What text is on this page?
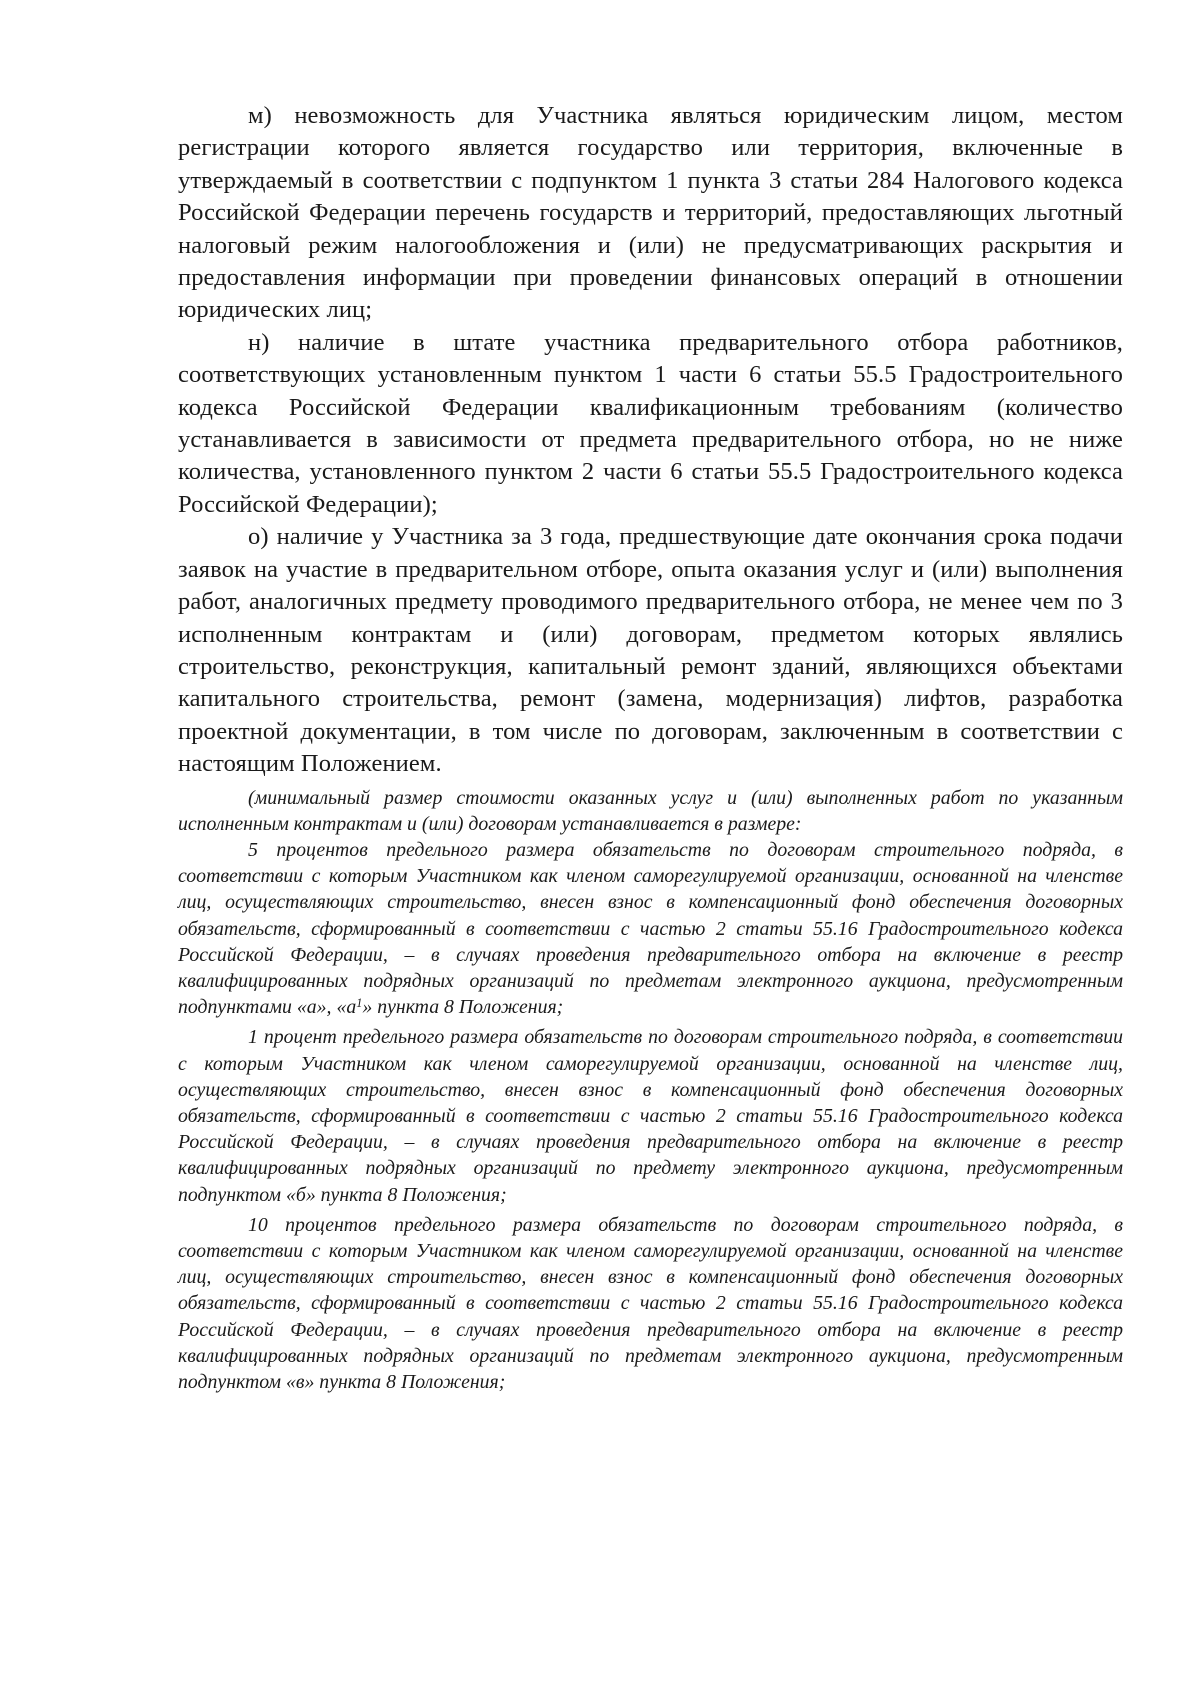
м) невозможность для Участника являться юридическим лицом, местом регистрации которого является государство или территория, включенные в утверждаемый в соответствии с подпунктом 1 пункта 3 статьи 284 Налогового кодекса Российской Федерации перечень государств и территорий, предоставляющих льготный налоговый режим налогообложения и (или) не предусматривающих раскрытия и предоставления информации при проведении финансовых операций в отношении юридических лиц;

н) наличие в штате участника предварительного отбора работников, соответствующих установленным пунктом 1 части 6 статьи 55.5 Градостроительного кодекса Российской Федерации квалификационным требованиям (количество устанавливается в зависимости от предмета предварительного отбора, но не ниже количества, установленного пунктом 2 части 6 статьи 55.5 Градостроительного кодекса Российской Федерации);

о) наличие у Участника за 3 года, предшествующие дате окончания срока подачи заявок на участие в предварительном отборе, опыта оказания услуг и (или) выполнения работ, аналогичных предмету проводимого предварительного отбора, не менее чем по 3 исполненным контрактам и (или) договорам, предметом которых являлись строительство, реконструкция, капитальный ремонт зданий, являющихся объектами капитального строительства, ремонт (замена, модернизация) лифтов, разработка проектной документации, в том числе по договорам, заключенным в соответствии с настоящим Положением.

(минимальный размер стоимости оказанных услуг и (или) выполненных работ по указанным исполненным контрактам и (или) договорам устанавливается в размере:

5 процентов предельного размера обязательств по договорам строительного подряда, в соответствии с которым Участником как членом саморегулируемой организации, основанной на членстве лиц, осуществляющих строительство, внесен взнос в компенсационный фонд обеспечения договорных обязательств, сформированный в соответствии с частью 2 статьи 55.16 Градостроительного кодекса Российской Федерации, – в случаях проведения предварительного отбора на включение в реестр квалифицированных подрядных организаций по предметам электронного аукциона, предусмотренным подпунктами «а», «$а^1$» пункта 8 Положения;

1 процент предельного размера обязательств по договорам строительного подряда, в соответствии с которым Участником как членом саморегулируемой организации, основанной на членстве лиц, осуществляющих строительство, внесен взнос в компенсационный фонд обеспечения договорных обязательств, сформированный в соответствии с частью 2 статьи 55.16 Градостроительного кодекса Российской Федерации, – в случаях проведения предварительного отбора на включение в реестр квалифицированных подрядных организаций по предмету электронного аукциона, предусмотренным подпунктом «б» пункта 8 Положения;

10 процентов предельного размера обязательств по договорам строительного подряда, в соответствии с которым Участником как членом саморегулируемой организации, основанной на членстве лиц, осуществляющих строительство, внесен взнос в компенсационный фонд обеспечения договорных обязательств, сформированный в соответствии с частью 2 статьи 55.16 Градостроительного кодекса Российской Федерации, – в случаях проведения предварительного отбора на включение в реестр квалифицированных подрядных организаций по предметам электронного аукциона, предусмотренным подпунктом «в» пункта 8 Положения;
